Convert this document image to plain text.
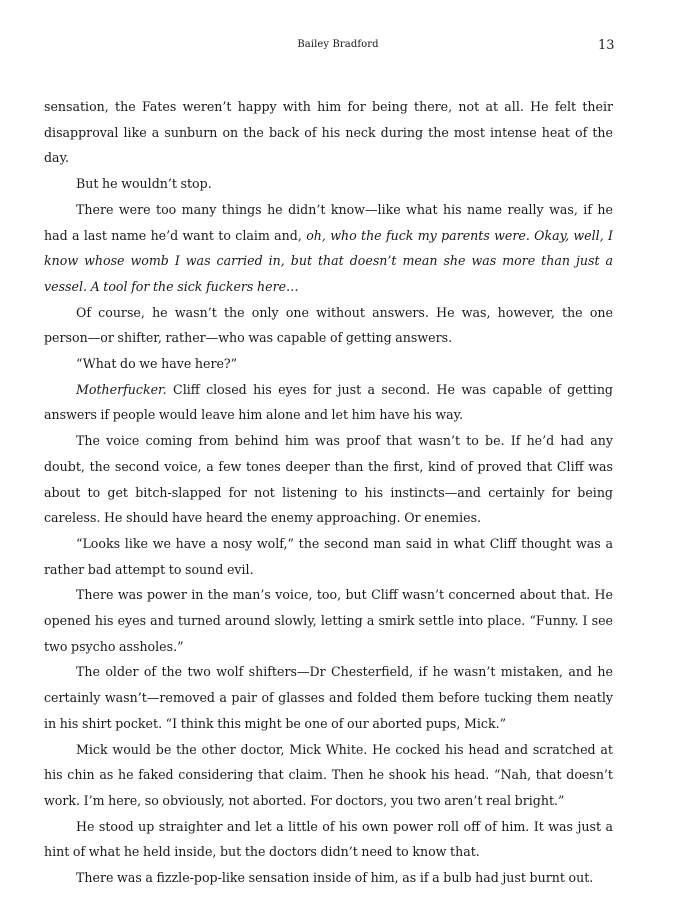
Bailey Bradford	13

sensation, the Fates weren’t happy with him for being there, not at all. He felt their disapproval like a sunburn on the back of his neck during the most intense heat of the day.

But he wouldn’t stop.

There were too many things he didn’t know—like what his name really was, if he had a last name he’d want to claim and, oh, who the fuck my parents were. Okay, well, I know whose womb I was carried in, but that doesn’t mean she was more than just a vessel. A tool for the sick fuckers here…

Of course, he wasn’t the only one without answers. He was, however, the one person—or shifter, rather—who was capable of getting answers.

“What do we have here?”

Motherfucker. Cliff closed his eyes for just a second. He was capable of getting answers if people would leave him alone and let him have his way.

The voice coming from behind him was proof that wasn’t to be. If he’d had any doubt, the second voice, a few tones deeper than the first, kind of proved that Cliff was about to get bitch-slapped for not listening to his instincts—and certainly for being careless. He should have heard the enemy approaching. Or enemies.

“Looks like we have a nosy wolf,” the second man said in what Cliff thought was a rather bad attempt to sound evil.

There was power in the man’s voice, too, but Cliff wasn’t concerned about that. He opened his eyes and turned around slowly, letting a smirk settle into place. “Funny. I see two psycho assholes.”

The older of the two wolf shifters—Dr Chesterfield, if he wasn’t mistaken, and he certainly wasn’t—removed a pair of glasses and folded them before tucking them neatly in his shirt pocket. “I think this might be one of our aborted pups, Mick.”

Mick would be the other doctor, Mick White. He cocked his head and scratched at his chin as he faked considering that claim. Then he shook his head. “Nah, that doesn’t work. I’m here, so obviously, not aborted. For doctors, you two aren’t real bright.”

He stood up straighter and let a little of his own power roll off of him. It was just a hint of what he held inside, but the doctors didn’t need to know that.

There was a fizzle-pop-like sensation inside of him, as if a bulb had just burnt out.
